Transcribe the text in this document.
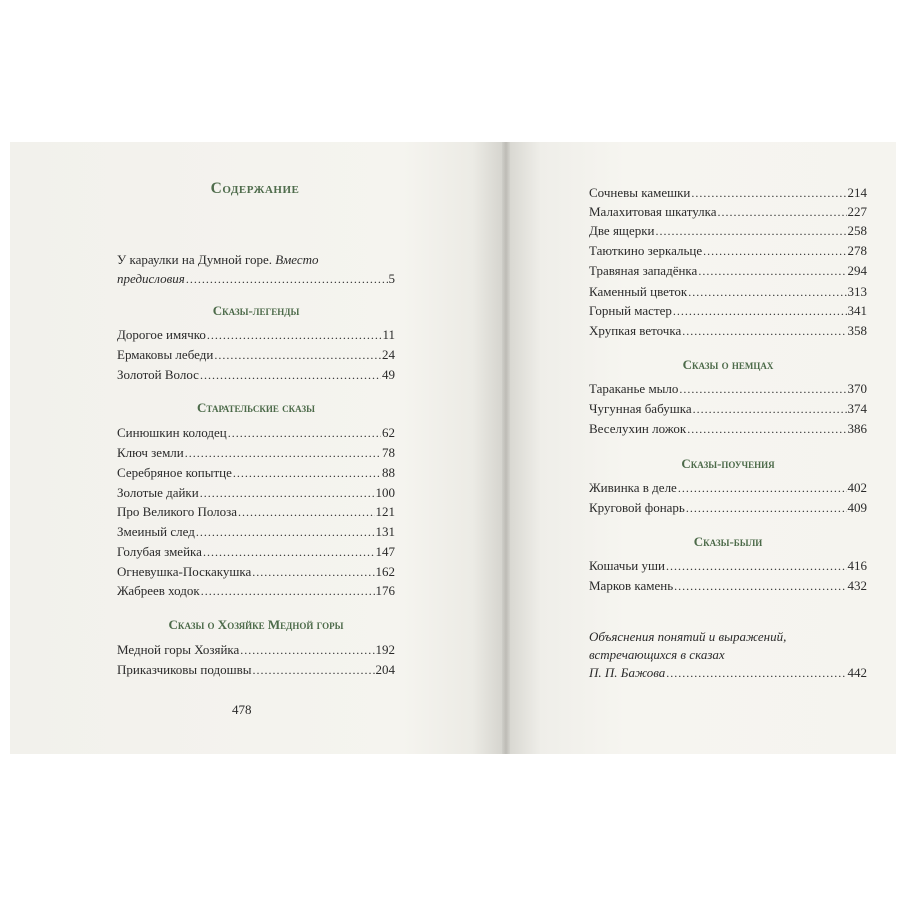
Содержание
У караулки на Думной горе. Вместо
предисловия .....	5
Сказы-легенды
Дорогое имячко .....	11
Ермаковы лебеди .....	24
Золотой Волос .....	49
Старательские сказы
Синюшкин колодец .....	62
Ключ земли .....	78
Серебряное копытце .....	88
Золотые дайки .....	100
Про Великого Полоза .....	121
Змеиный след .....	131
Голубая змейка .....	147
Огневушка-Поскакушка .....	162
Жабреев ходок .....	176
Сказы о Хозяйке Медной горы
Медной горы Хозяйка .....	192
Приказчиковы подошвы .....	204
478
Сочневы камешки .....	214
Малахитовая шкатулка .....	227
Две ящерки .....	258
Таюткино зеркальце .....	278
Травяная западёнка .....	294
Каменный цветок .....	313
Горный мастер .....	341
Хрупкая веточка .....	358
Сказы о немцах
Тараканье мыло .....	370
Чугунная бабушка .....	374
Веселухин ложок .....	386
Сказы-поучения
Живинка в деле .....	402
Круговой фонарь .....	409
Сказы-были
Кошачьи уши .....	416
Марков камень .....	432
Объяснения понятий и выражений,
встречающихся в сказах
П. П. Бажова .....	442
